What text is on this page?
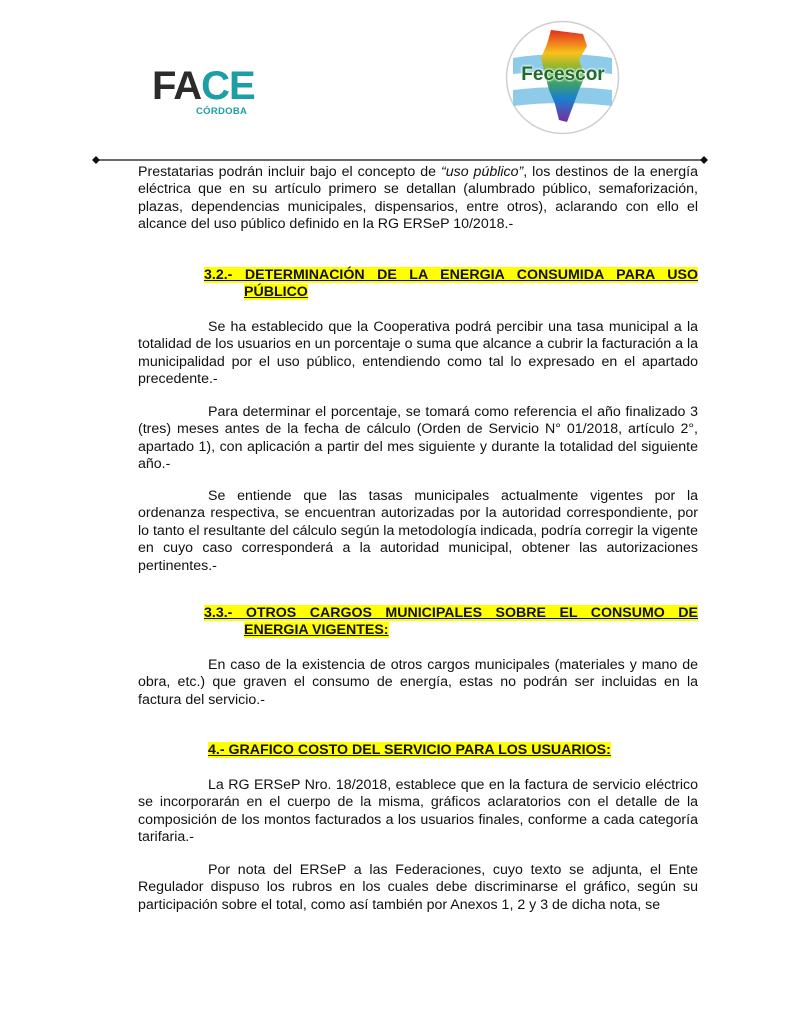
FACE
CÓRDOBA
Fecescor

Prestatarias podrán incluir bajo el concepto de “uso público”, los destinos de la energía eléctrica que en su artículo primero se detallan (alumbrado público, semaforización, plazas, dependencias municipales, dispensarios, entre otros), aclarando con ello el alcance del uso público definido en la RG ERSeP 10/2018.-

3.2.- DETERMINACIÓN DE LA ENERGIA CONSUMIDA PARA USO
PÚBLICO

Se ha establecido que la Cooperativa podrá percibir una tasa municipal a la totalidad de los usuarios en un porcentaje o suma que alcance a cubrir la facturación a la municipalidad por el uso público, entendiendo como tal lo expresado en el apartado precedente.-

Para determinar el porcentaje, se tomará como referencia el año finalizado 3 (tres) meses antes de la fecha de cálculo (Orden de Servicio N° 01/2018, artículo 2°, apartado 1), con aplicación a partir del mes siguiente y durante la totalidad del siguiente año.-

Se entiende que las tasas municipales actualmente vigentes por la ordenanza respectiva, se encuentran autorizadas por la autoridad correspondiente, por lo tanto el resultante del cálculo según la metodología indicada, podría corregir la vigente en cuyo caso corresponderá a la autoridad municipal, obtener las autorizaciones pertinentes.-

3.3.- OTROS CARGOS MUNICIPALES SOBRE EL CONSUMO DE
ENERGIA VIGENTES:

En caso de la existencia de otros cargos municipales (materiales y mano de obra, etc.) que graven el consumo de energía, estas no podrán ser incluidas en la factura del servicio.-

4.- GRAFICO COSTO DEL SERVICIO PARA LOS USUARIOS:

La RG ERSeP Nro. 18/2018, establece que en la factura de servicio eléctrico se incorporarán en el cuerpo de la misma, gráficos aclaratorios con el detalle de la composición de los montos facturados a los usuarios finales, conforme a cada categoría tarifaria.-

Por nota del ERSeP a las Federaciones, cuyo texto se adjunta, el Ente Regulador dispuso los rubros en los cuales debe discriminarse el gráfico, según su participación sobre el total, como así también por Anexos 1, 2 y 3 de dicha nota, se
